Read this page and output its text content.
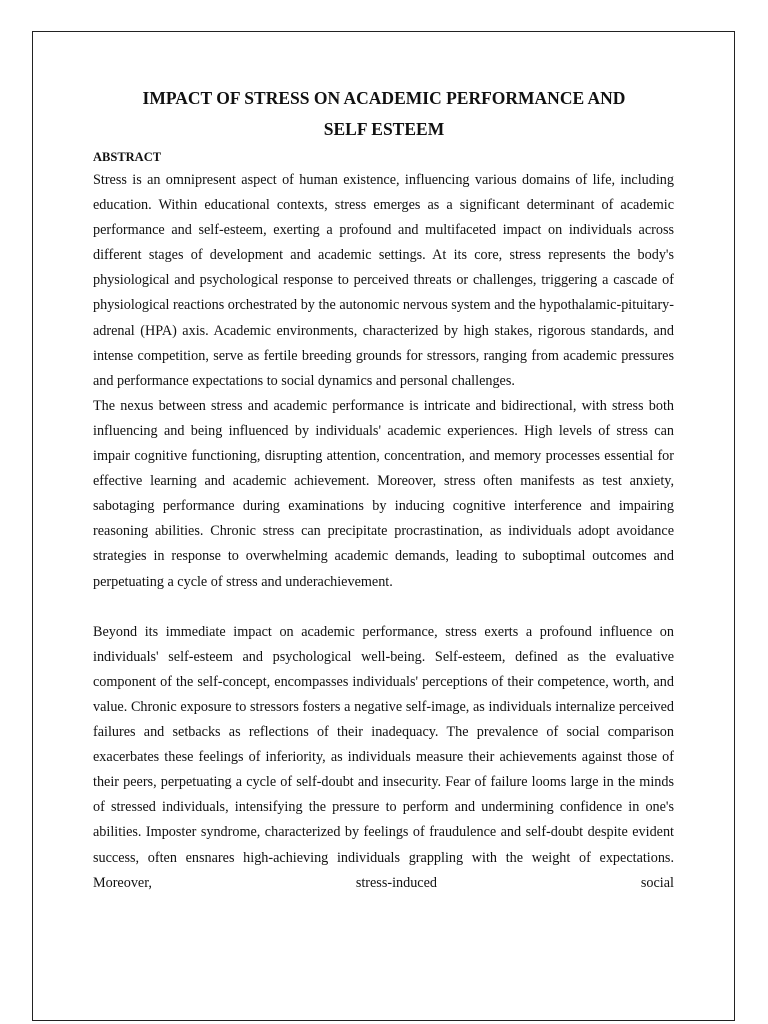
IMPACT OF STRESS ON ACADEMIC PERFORMANCE AND
SELF ESTEEM
ABSTRACT

Stress is an omnipresent aspect of human existence, influencing various domains of life, including education. Within educational contexts, stress emerges as a significant determinant of academic performance and self-esteem, exerting a profound and multifaceted impact on individuals across different stages of development and academic settings. At its core, stress represents the body's physiological and psychological response to perceived threats or challenges, triggering a cascade of physiological reactions orchestrated by the autonomic nervous system and the hypothalamic-pituitary-adrenal (HPA) axis. Academic environments, characterized by high stakes, rigorous standards, and intense competition, serve as fertile breeding grounds for stressors, ranging from academic pressures and performance expectations to social dynamics and personal challenges.

The nexus between stress and academic performance is intricate and bidirectional, with stress both influencing and being influenced by individuals' academic experiences. High levels of stress can impair cognitive functioning, disrupting attention, concentration, and memory processes essential for effective learning and academic achievement. Moreover, stress often manifests as test anxiety, sabotaging performance during examinations by inducing cognitive interference and impairing reasoning abilities. Chronic stress can precipitate procrastination, as individuals adopt avoidance strategies in response to overwhelming academic demands, leading to suboptimal outcomes and perpetuating a cycle of stress and underachievement.

Beyond its immediate impact on academic performance, stress exerts a profound influence on individuals' self-esteem and psychological well-being. Self-esteem, defined as the evaluative component of the self-concept, encompasses individuals' perceptions of their competence, worth, and value. Chronic exposure to stressors fosters a negative self-image, as individuals internalize perceived failures and setbacks as reflections of their inadequacy. The prevalence of social comparison exacerbates these feelings of inferiority, as individuals measure their achievements against those of their peers, perpetuating a cycle of self-doubt and insecurity. Fear of failure looms large in the minds of stressed individuals, intensifying the pressure to perform and undermining confidence in one's abilities. Imposter syndrome, characterized by feelings of fraudulence and self-doubt despite evident success, often ensnares high-achieving individuals grappling with the weight of expectations. Moreover, stress-induced social
